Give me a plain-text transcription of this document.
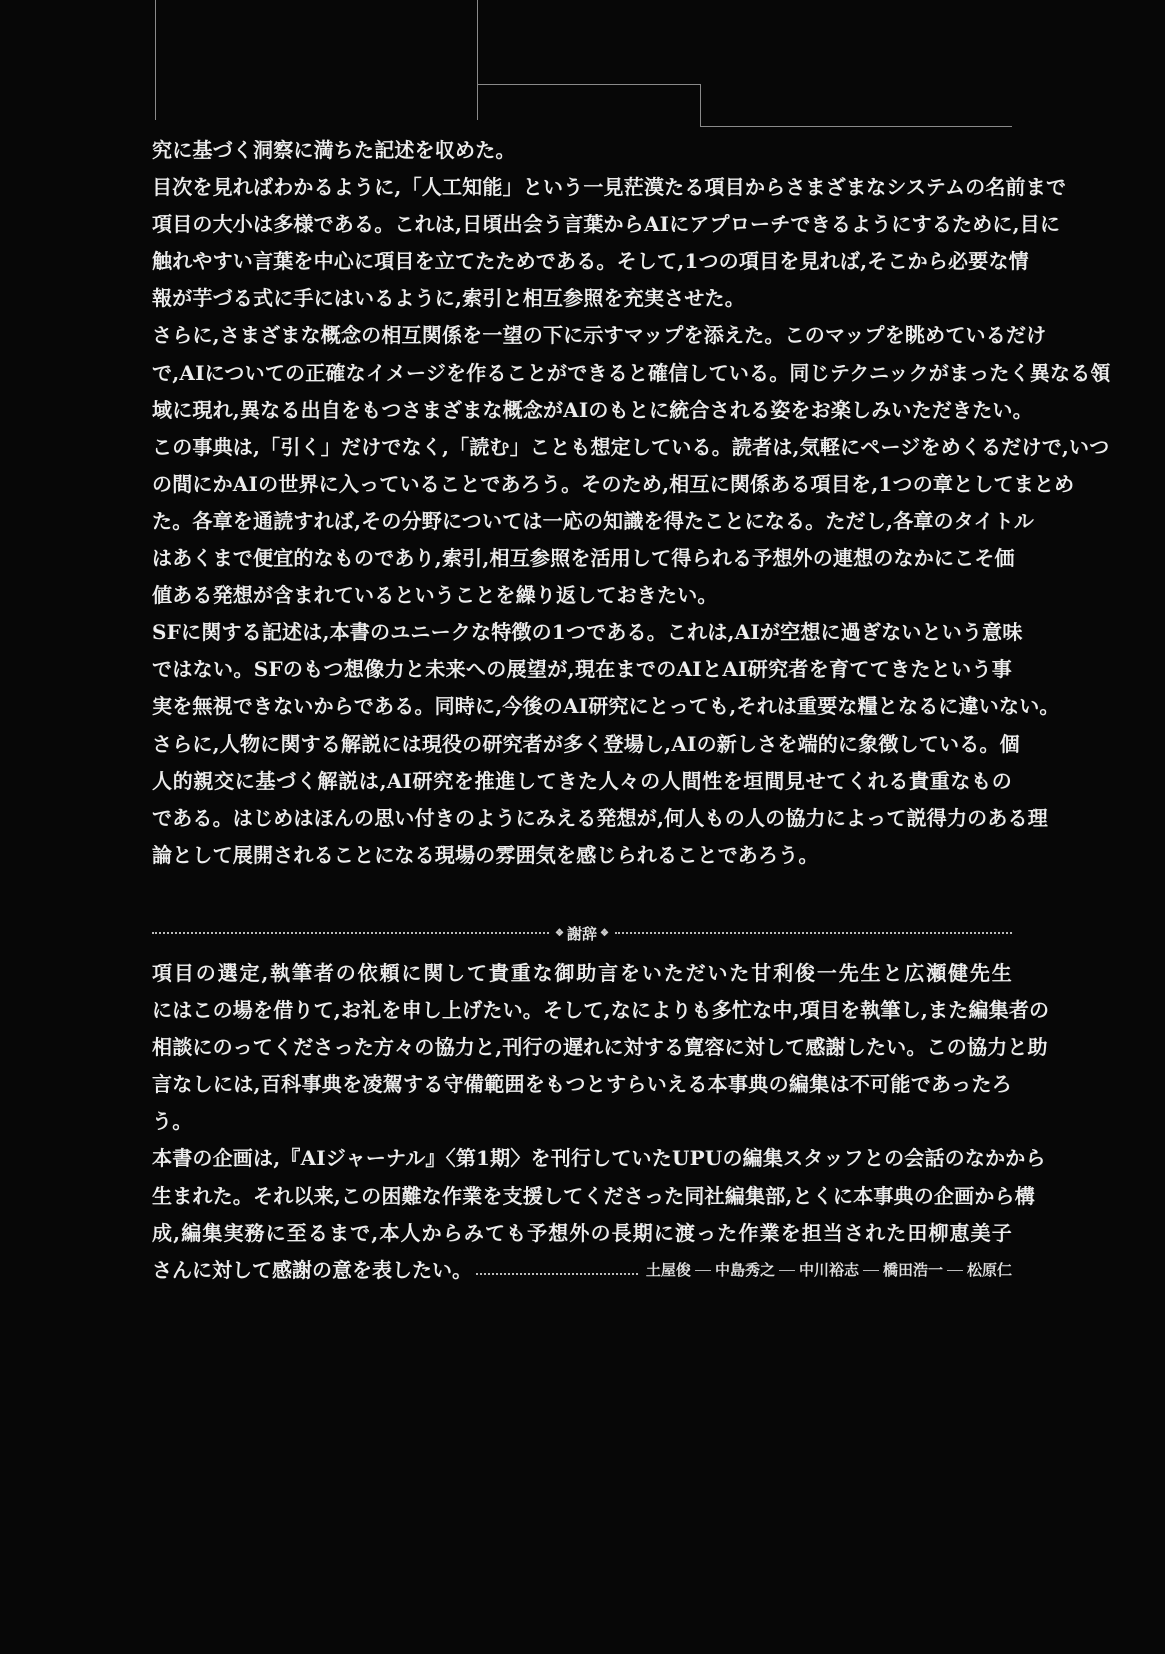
究に基づく洞察に満ちた記述を収めた。
目次を見ればわかるように,「人工知能」という一見茫漠たる項目からさまざまなシステムの名前まで
項目の大小は多様である。これは,日頃出会う言葉からAIにアプローチできるようにするために,目に
触れやすい言葉を中心に項目を立てたためである。そして,1つの項目を見れば,そこから必要な情
報が芋づる式に手にはいるように,索引と相互参照を充実させた。
さらに,さまざまな概念の相互関係を一望の下に示すマップを添えた。このマップを眺めているだけ
で,AIについての正確なイメージを作ることができると確信している。同じテクニックがまったく異なる領
域に現れ,異なる出自をもつさまざまな概念がAIのもとに統合される姿をお楽しみいただきたい。
この事典は,「引く」だけでなく,「読む」ことも想定している。読者は,気軽にページをめくるだけで,いつ
の間にかAIの世界に入っていることであろう。そのため,相互に関係ある項目を,1つの章としてまとめ
た。各章を通読すれば,その分野については一応の知識を得たことになる。ただし,各章のタイトル
はあくまで便宜的なものであり,索引,相互参照を活用して得られる予想外の連想のなかにこそ価
値ある発想が含まれているということを繰り返しておきたい。
SFに関する記述は,本書のユニークな特徴の1つである。これは,AIが空想に過ぎないという意味
ではない。SFのもつ想像力と未来への展望が,現在までのAIとAI研究者を育ててきたという事
実を無視できないからである。同時に,今後のAI研究にとっても,それは重要な糧となるに違いない。
さらに,人物に関する解説には現役の研究者が多く登場し,AIの新しさを端的に象徴している。個
人的親交に基づく解説は,AI研究を推進してきた人々の人間性を垣間見せてくれる貴重なもの
である。はじめはほんの思い付きのようにみえる発想が,何人もの人の協力によって説得力のある理
論として展開されることになる現場の雰囲気を感じられることであろう。
❖ 謝辞 ❖
項目の選定,執筆者の依頼に関して貴重な御助言をいただいた甘利俊一先生と広瀬健先生
にはこの場を借りて,お礼を申し上げたい。そして,なによりも多忙な中,項目を執筆し,また編集者の
相談にのってくださった方々の協力と,刊行の遅れに対する寛容に対して感謝したい。この協力と助
言なしには,百科事典を凌駕する守備範囲をもつとすらいえる本事典の編集は不可能であったろ
う。
本書の企画は,『AIジャーナル』〈第1期〉を刊行していたUPUの編集スタッフとの会話のなかから
生まれた。それ以来,この困難な作業を支援してくださった同社編集部,とくに本事典の企画から構
成,編集実務に至るまで,本人からみても予想外の長期に渡った作業を担当された田柳恵美子
さんに対して感謝の意を表したい。	土屋俊 中島秀之 中川裕志 橋田浩一 松原仁
